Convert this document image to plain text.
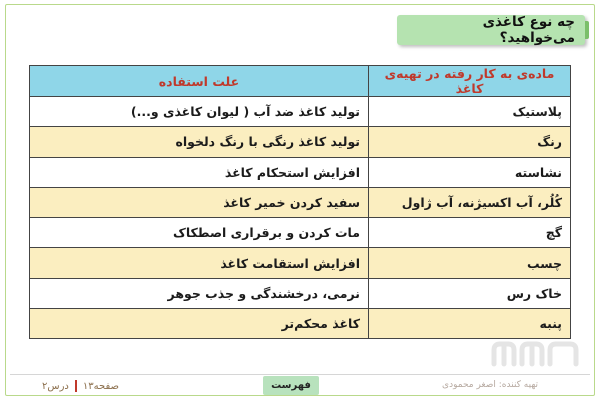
چه نوع کاغذی می‌خواهید؟
ماده‌ی به کار رفته در تهیه‌ی کاغذ	علت استفاده
پلاستیک	تولید کاغذ ضد آب ( لیوان کاغذی و...)
رنگ	تولید کاغذ رنگی با رنگ دلخواه
نشاسته	افزایش استحکام کاغذ
کُلُر، آب اکسیژنه، آب ژاول	سفید کردن خمیر کاغذ
گچ	مات کردن و برقراری اصطکاک
چسب	افزایش استقامت کاغذ
خاک رس	نرمی، درخشندگی و جذب جوهر
پنبه	کاغذ محکم‌تر
صفحه۱۳
درس۲	فهرست	تهیه کننده: اصغر محمودی
